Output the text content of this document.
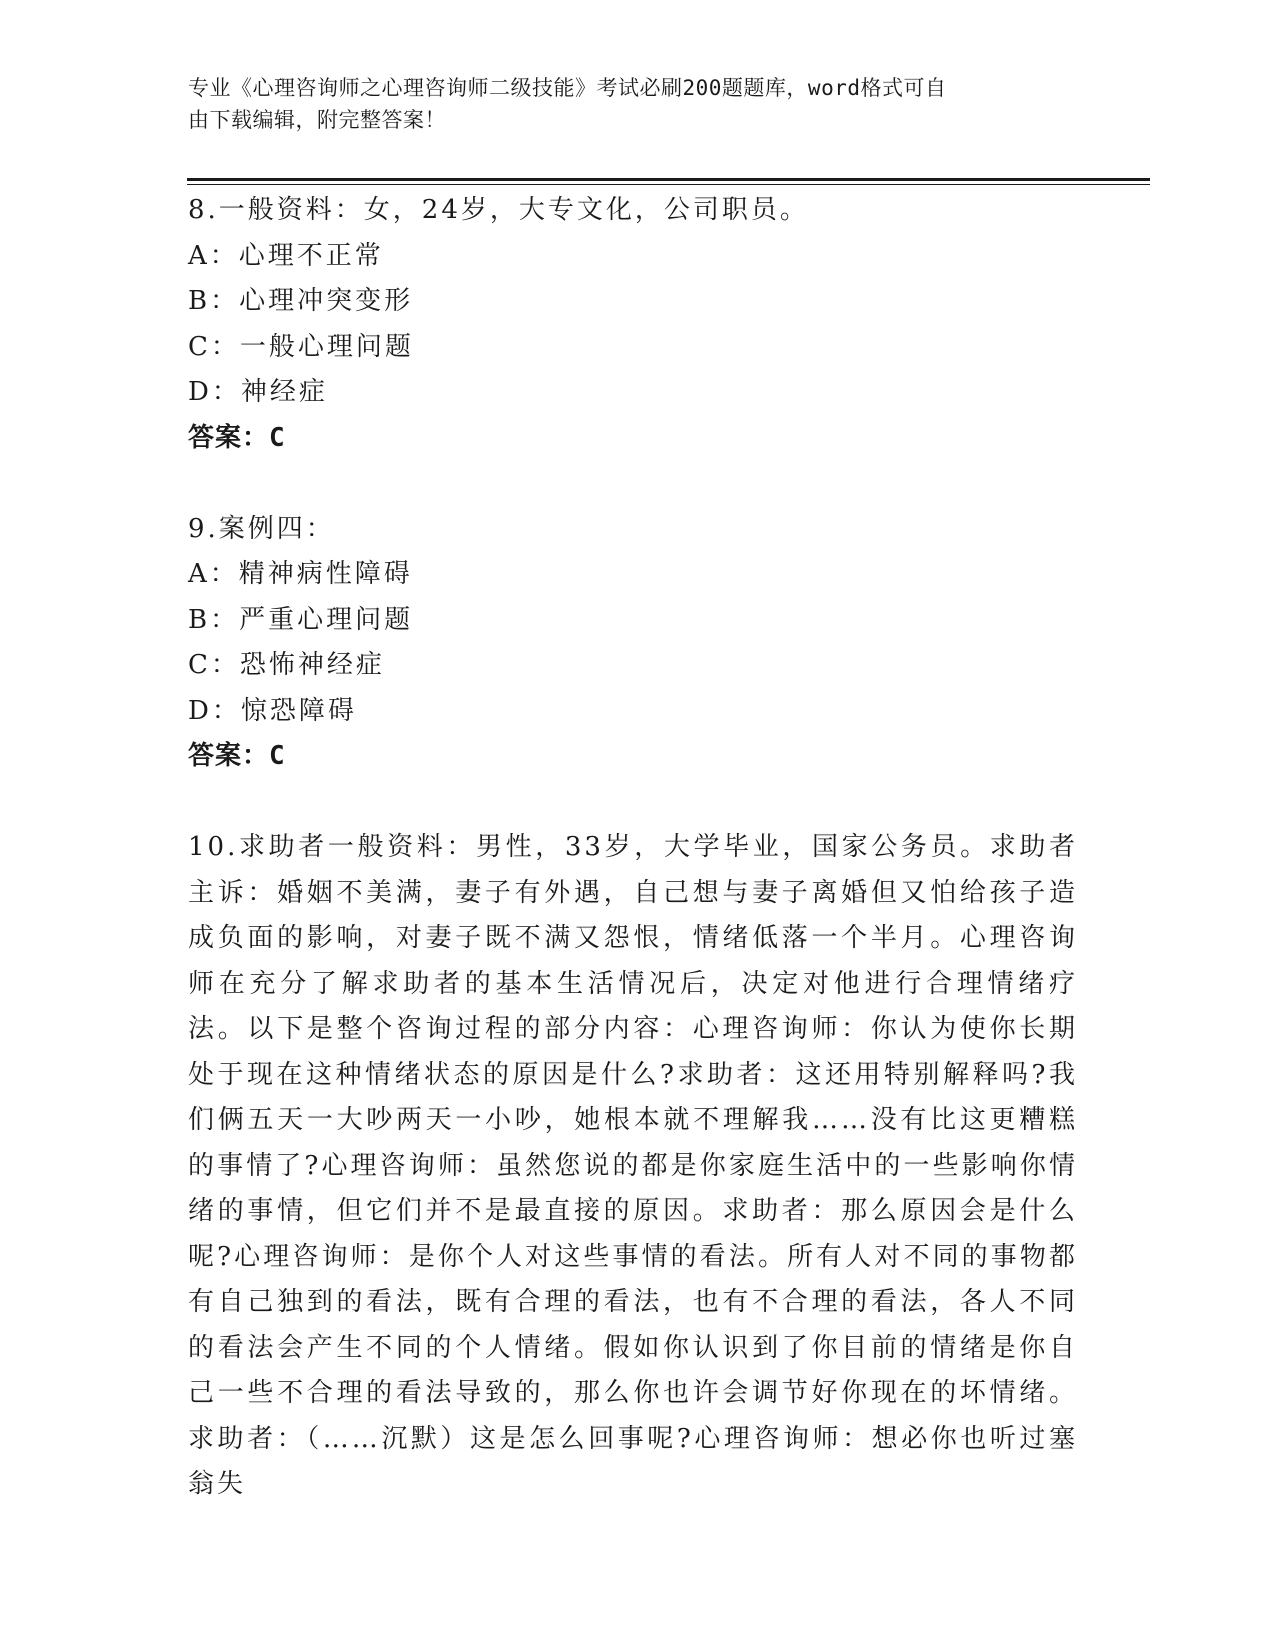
专业《心理咨询师之心理咨询师二级技能》考试必刷200题题库，word格式可自
由下载编辑，附完整答案！
8.一般资料：女，24岁，大专文化，公司职员。
A：心理不正常
B：心理冲突变形
C：一般心理问题
D：神经症
答案：C
9.案例四：
A：精神病性障碍
B：严重心理问题
C：恐怖神经症
D：惊恐障碍
答案：C
10.求助者一般资料：男性，33岁，大学毕业，国家公务员。求助者主诉：婚姻不美满，妻子有外遇，自己想与妻子离婚但又怕给孩子造成负面的影响，对妻子既不满又怨恨，情绪低落一个半月。心理咨询师在充分了解求助者的基本生活情况后，决定对他进行合理情绪疗法。以下是整个咨询过程的部分内容：心理咨询师：你认为使你长期处于现在这种情绪状态的原因是什么?求助者：这还用特别解释吗?我们俩五天一大吵两天一小吵，她根本就不理解我……没有比这更糟糕的事情了?心理咨询师：虽然您说的都是你家庭生活中的一些影响你情绪的事情，但它们并不是最直接的原因。求助者：那么原因会是什么呢?心理咨询师：是你个人对这些事情的看法。所有人对不同的事物都有自己独到的看法，既有合理的看法，也有不合理的看法，各人不同的看法会产生不同的个人情绪。假如你认识到了你目前的情绪是你自己一些不合理的看法导致的，那么你也许会调节好你现在的坏情绪。求助者：（……沉默）这是怎么回事呢?心理咨询师：想必你也听过塞翁失
